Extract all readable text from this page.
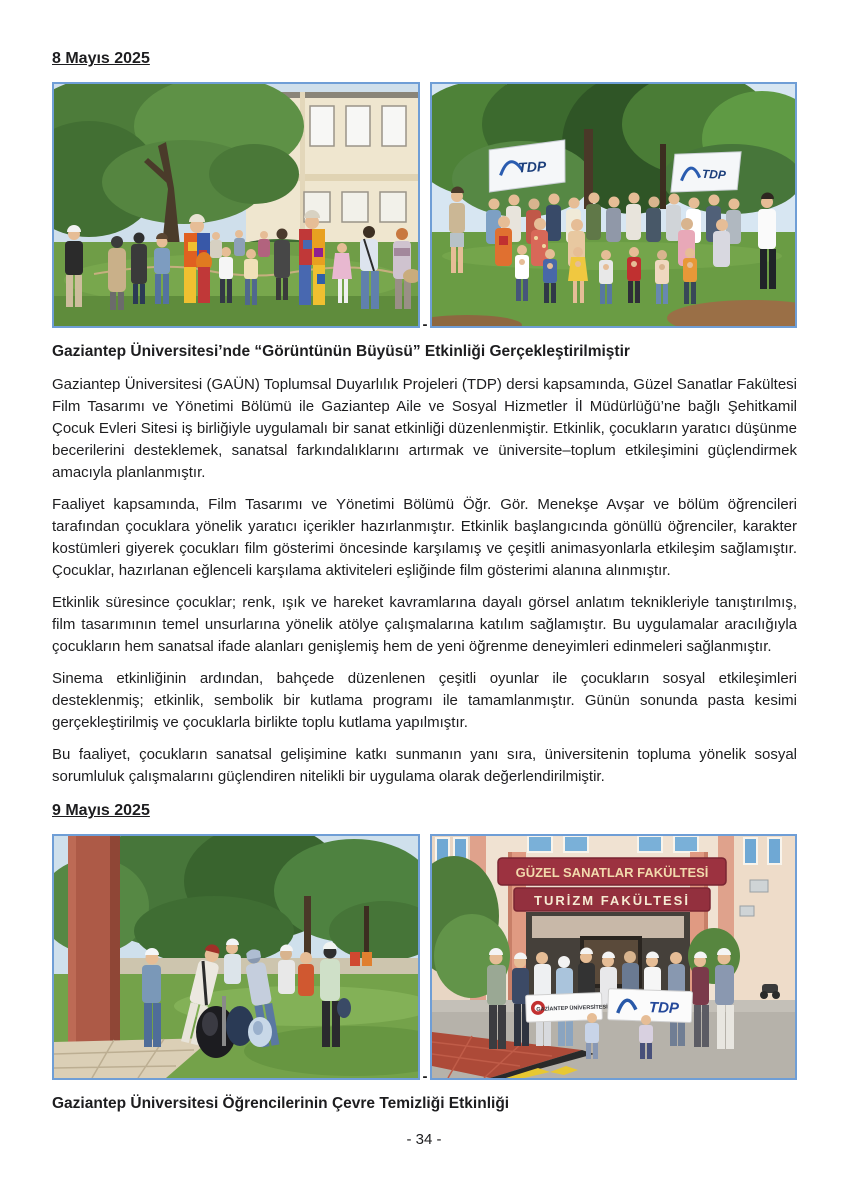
8 Mayıs 2025
-
TDP	TDP
Gaziantep Üniversitesi’nde “Görüntünün Büyüsü” Etkinliği Gerçekleştirilmiştir

Gaziantep Üniversitesi (GAÜN) Toplumsal Duyarlılık Projeleri (TDP) dersi kapsamında, Güzel Sanatlar Fakültesi Film Tasarımı ve Yönetimi Bölümü ile Gaziantep Aile ve Sosyal Hizmetler İl Müdürlüğü’ne bağlı Şehitkamil Çocuk Evleri Sitesi iş birliğiyle uygulamalı bir sanat etkinliği düzenlenmiştir. Etkinlik, çocukların yaratıcı düşünme becerilerini desteklemek, sanatsal farkındalıklarını artırmak ve üniversite–toplum etkileşimini güçlendirmek amacıyla planlanmıştır.

Faaliyet kapsamında, Film Tasarımı ve Yönetimi Bölümü Öğr. Gör. Menekşe Avşar ve bölüm öğrencileri tarafından çocuklara yönelik yaratıcı içerikler hazırlanmıştır. Etkinlik başlangıcında gönüllü öğrenciler, karakter kostümleri giyerek çocukları film gösterimi öncesinde karşılamış ve çeşitli animasyonlarla etkileşim sağlamıştır. Çocuklar, hazırlanan eğlenceli karşılama aktiviteleri eşliğinde film gösterimi alanına alınmıştır.

Etkinlik süresince çocuklar; renk, ışık ve hareket kavramlarına dayalı görsel anlatım teknikleriyle tanıştırılmış, film tasarımının temel unsurlarına yönelik atölye çalışmalarına katılım sağlamıştır. Bu uygulamalar aracılığıyla çocukların hem sanatsal ifade alanları genişlemiş hem de yeni öğrenme deneyimleri edinmeleri sağlanmıştır.

Sinema etkinliğinin ardından, bahçede düzenlenen çeşitli oyunlar ile çocukların sosyal etkileşimleri desteklenmiş; etkinlik, sembolik bir kutlama programı ile tamamlanmıştır. Günün sonunda pasta kesimi gerçekleştirilmiş ve çocuklarla birlikte toplu kutlama yapılmıştır.

Bu faaliyet, çocukların sanatsal gelişimine katkı sunmanın yanı sıra, üniversitenin topluma yönelik sosyal sorumluluk çalışmalarını güçlendiren nitelikli bir uygulama olarak değerlendirilmiştir.

9 Mayıs 2025
-
GÜZEL SANATLAR FAKÜLTESİ
TURİZM FAKÜLTESİ
GAZİANTEP ÜNİVERSİTESİ	TDP
Gaziantep Üniversitesi Öğrencilerinin Çevre Temizliği Etkinliği
- 34 -
